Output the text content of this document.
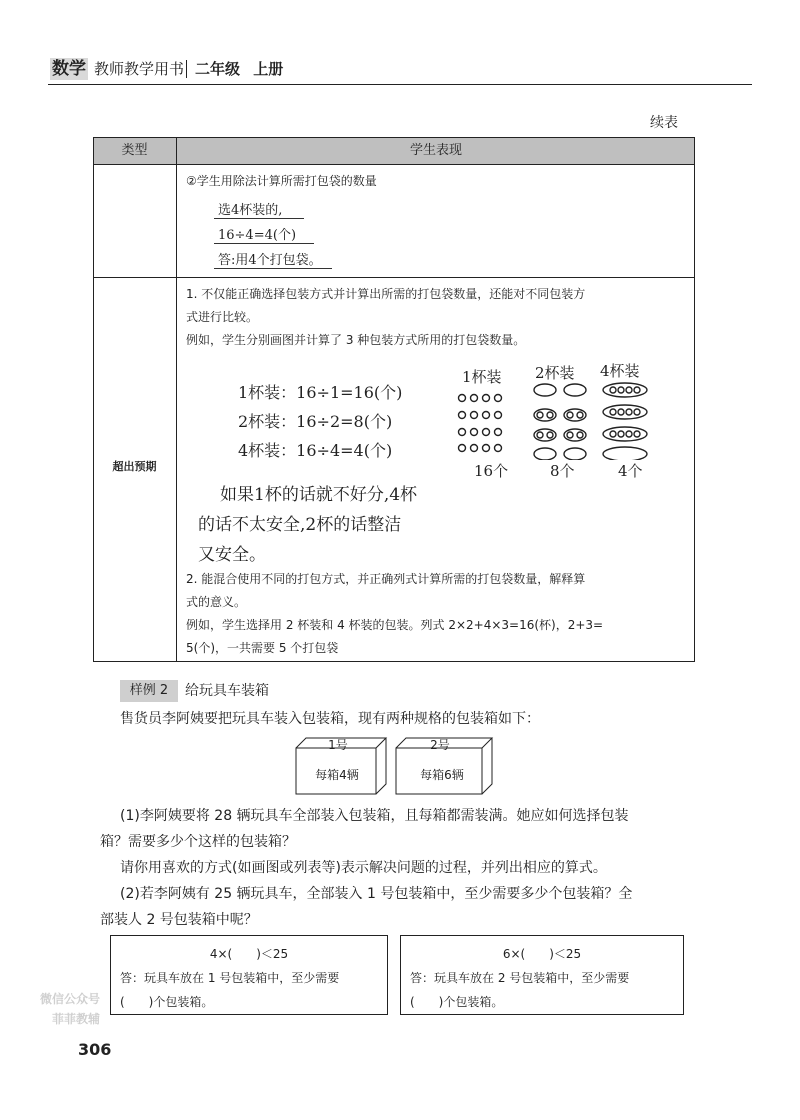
数学 教师教学用书 二年级 上册
续表
类型	学生表现
②学生用除法计算所需打包袋的数量
选4杯装的,
16÷4=4(个)
答:用4个打包袋。
超出预期
1. 不仅能正确选择包装方式并计算出所需的打包袋数量，还能对不同包装方
式进行比较。
例如，学生分别画图并计算了 3 种包装方式所用的打包袋数量。
1杯装：16÷1=16(个)
2杯装：16÷2=8(个)
4杯装：16÷4=4(个)
1杯装 2杯装 4杯装
16个	8个	4个
如果1杯的话就不好分,4杯
的话不太安全,2杯的话整洁
又安全。
2. 能混合使用不同的打包方式，并正确列式计算所需的打包袋数量，解释算
式的意义。
例如，学生选择用 2 杯装和 4 杯装的包装。列式 2×2+4×3=16(杯)，2+3=
5(个)，一共需要 5 个打包袋
样例 2	给玩具车装箱
售货员李阿姨要把玩具车装入包装箱，现有两种规格的包装箱如下：
1号
每箱4辆
2号
每箱6辆
(1)李阿姨要将 28 辆玩具车全部装入包装箱，且每箱都需装满。她应如何选择包装
箱？需要多少个这样的包装箱？
请你用喜欢的方式(如画图或列表等)表示解决问题的过程，并列出相应的算式。
(2)若李阿姨有 25 辆玩具车，全部装入 1 号包装箱中，至少需要多少个包装箱？全
部装人 2 号包装箱中呢？
4×(　　)＜25
答：玩具车放在 1 号包装箱中，至少需要
(　　)个包装箱。
6×(　　)＜25
答：玩具车放在 2 号包装箱中，至少需要
(　　)个包装箱。
306
微信公众号
菲菲教辅
